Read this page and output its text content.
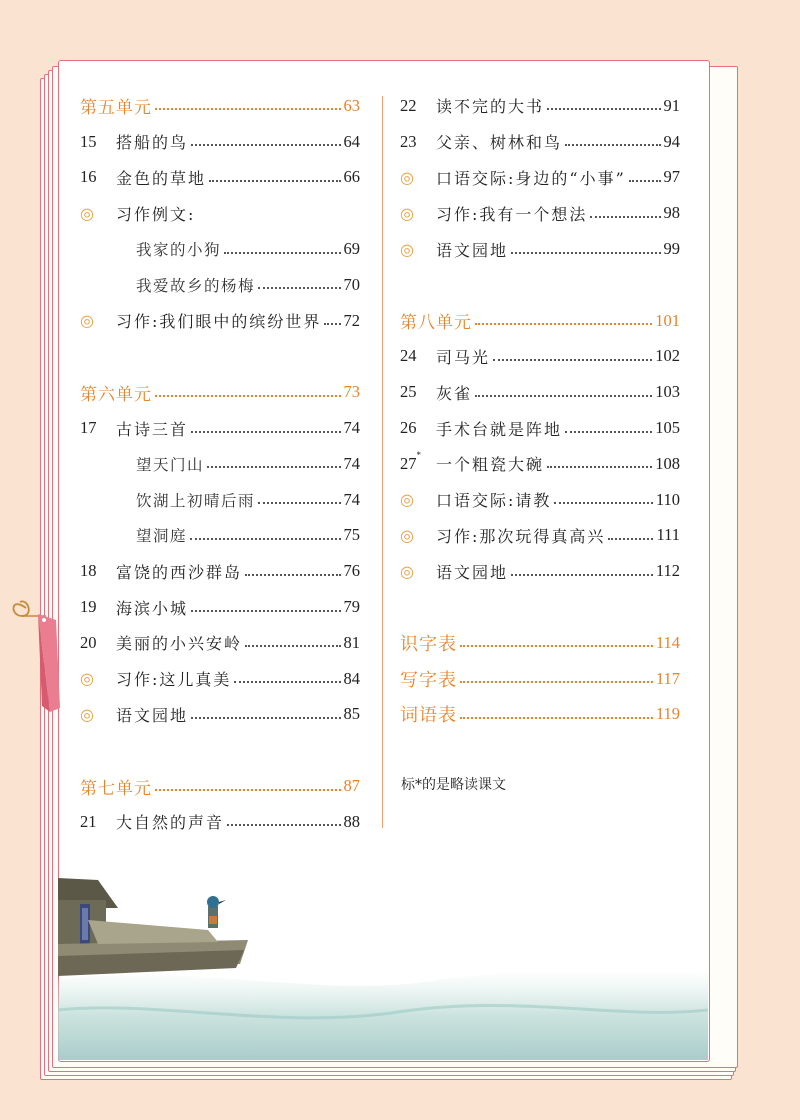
第五单元	63
15	搭船的鸟	64
16	金色的草地	66
◎	习作例文:
我家的小狗	69
我爱故乡的杨梅	70
◎	习作:我们眼中的缤纷世界 72
第六单元	73
17	古诗三首	74
望天门山	74
饮湖上初晴后雨	74
望洞庭	75
18	富饶的西沙群岛	76
19	海滨小城	79
20	美丽的小兴安岭	81
◎	习作:这儿真美	84
◎	语文园地	85
第七单元	87
21	大自然的声音	88
22	读不完的大书	91
23	父亲、树林和鸟	94
◎	口语交际:身边的“小事” 97
◎	习作:我有一个想法	98
◎	语文园地	99
第八单元	101
24	司马光	102
25	灰雀	103
26	手术台就是阵地	105
27* 一个粗瓷大碗	108
◎	口语交际:请教	110
◎	习作:那次玩得真高兴	111
◎	语文园地	112
识字表	114
写字表	117
词语表	119
标*的是略读课文
